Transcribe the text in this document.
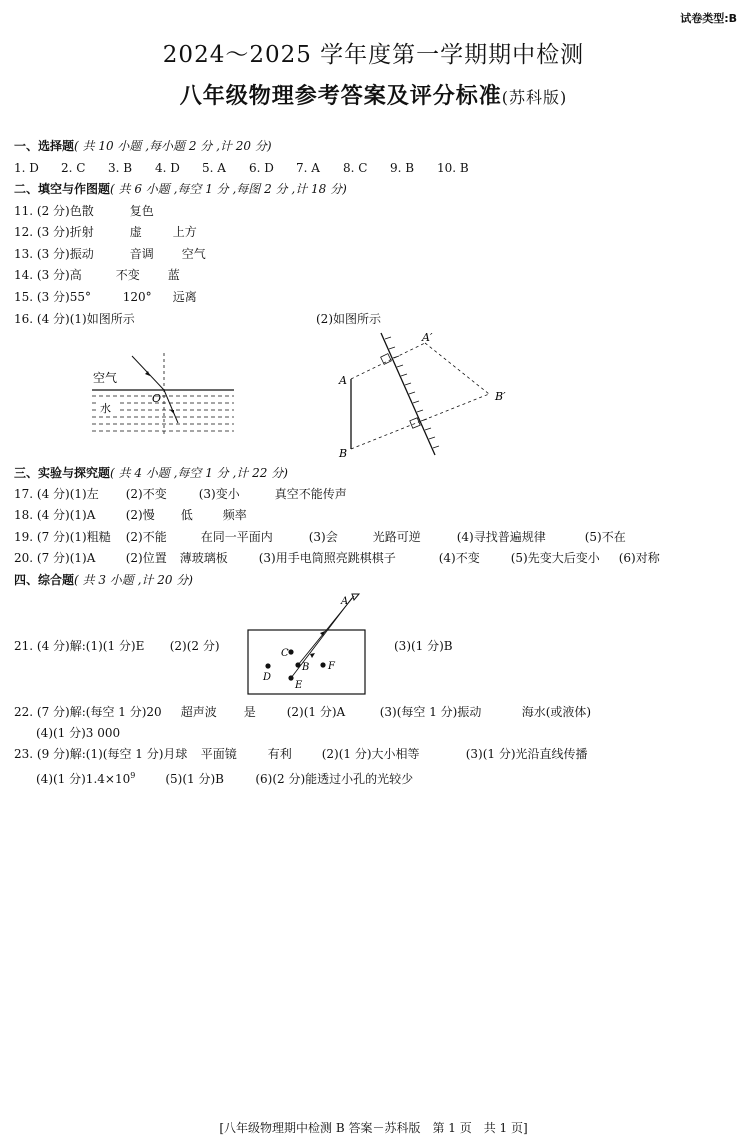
试卷类型:B
2024～2025 学年度第一学期期中检测
八年级物理参考答案及评分标准(苏科版)
一、选择题( 共 10 小题 ,每小题 2 分 ,计 20 分)
1. D 2. C 3. B 4. D 5. A 6. D 7. A 8. C 9. B 10. B
二、填空与作图题( 共 6 小题 ,每空 1 分 ,每图 2 分 ,计 18 分)
11. (2 分)色散	复色
12. (3 分)折射	虚	上方
13. (3 分)振动	音调 空气
14. (3 分)高	不变 蓝
15. (3 分)55°	120° 远离
16. (4 分)(1)如图所示	(2)如图所示
空气
水
O
A
B
A′
B′
三、实验与探究题( 共 4 小题 ,每空 1 分 ,计 22 分)
17. (4 分)(1)左 (2)不变	(3)变小	真空不能传声
18. (4 分)(1)A	(2)慢 低 频率
19. (7 分)(1)粗糙 (2)不能	在同一平面内	(3)会	光路可逆	(4)寻找普遍规律	(5)不在
20. (7 分)(1)A	(2)位置 薄玻璃板	(3)用手电筒照亮跳棋棋子	(4)不变	(5)先变大后变小 (6)对称
四、综合题( 共 3 小题 ,计 20 分)
A
C
B
D
E
F
21. (4 分)解:(1)(1 分)E (2)(2 分)	(3)(1 分)B
22. (7 分)解:(每空 1 分)20 超声波 是	(2)(1 分)A	(3)(每空 1 分)振动	海水(或液体)
(4)(1 分)3 000
23. (9 分)解:(1)(每空 1 分)月球 平面镜	有利 (2)(1 分)大小相等	(3)(1 分)光沿直线传播
(4)(1 分)$1.4\times 10^9$	(5)(1 分)B	(6)(2 分)能透过小孔的光较少
[八年级物理期中检测 B 答案－苏科版　第 1 页　共 1 页]
